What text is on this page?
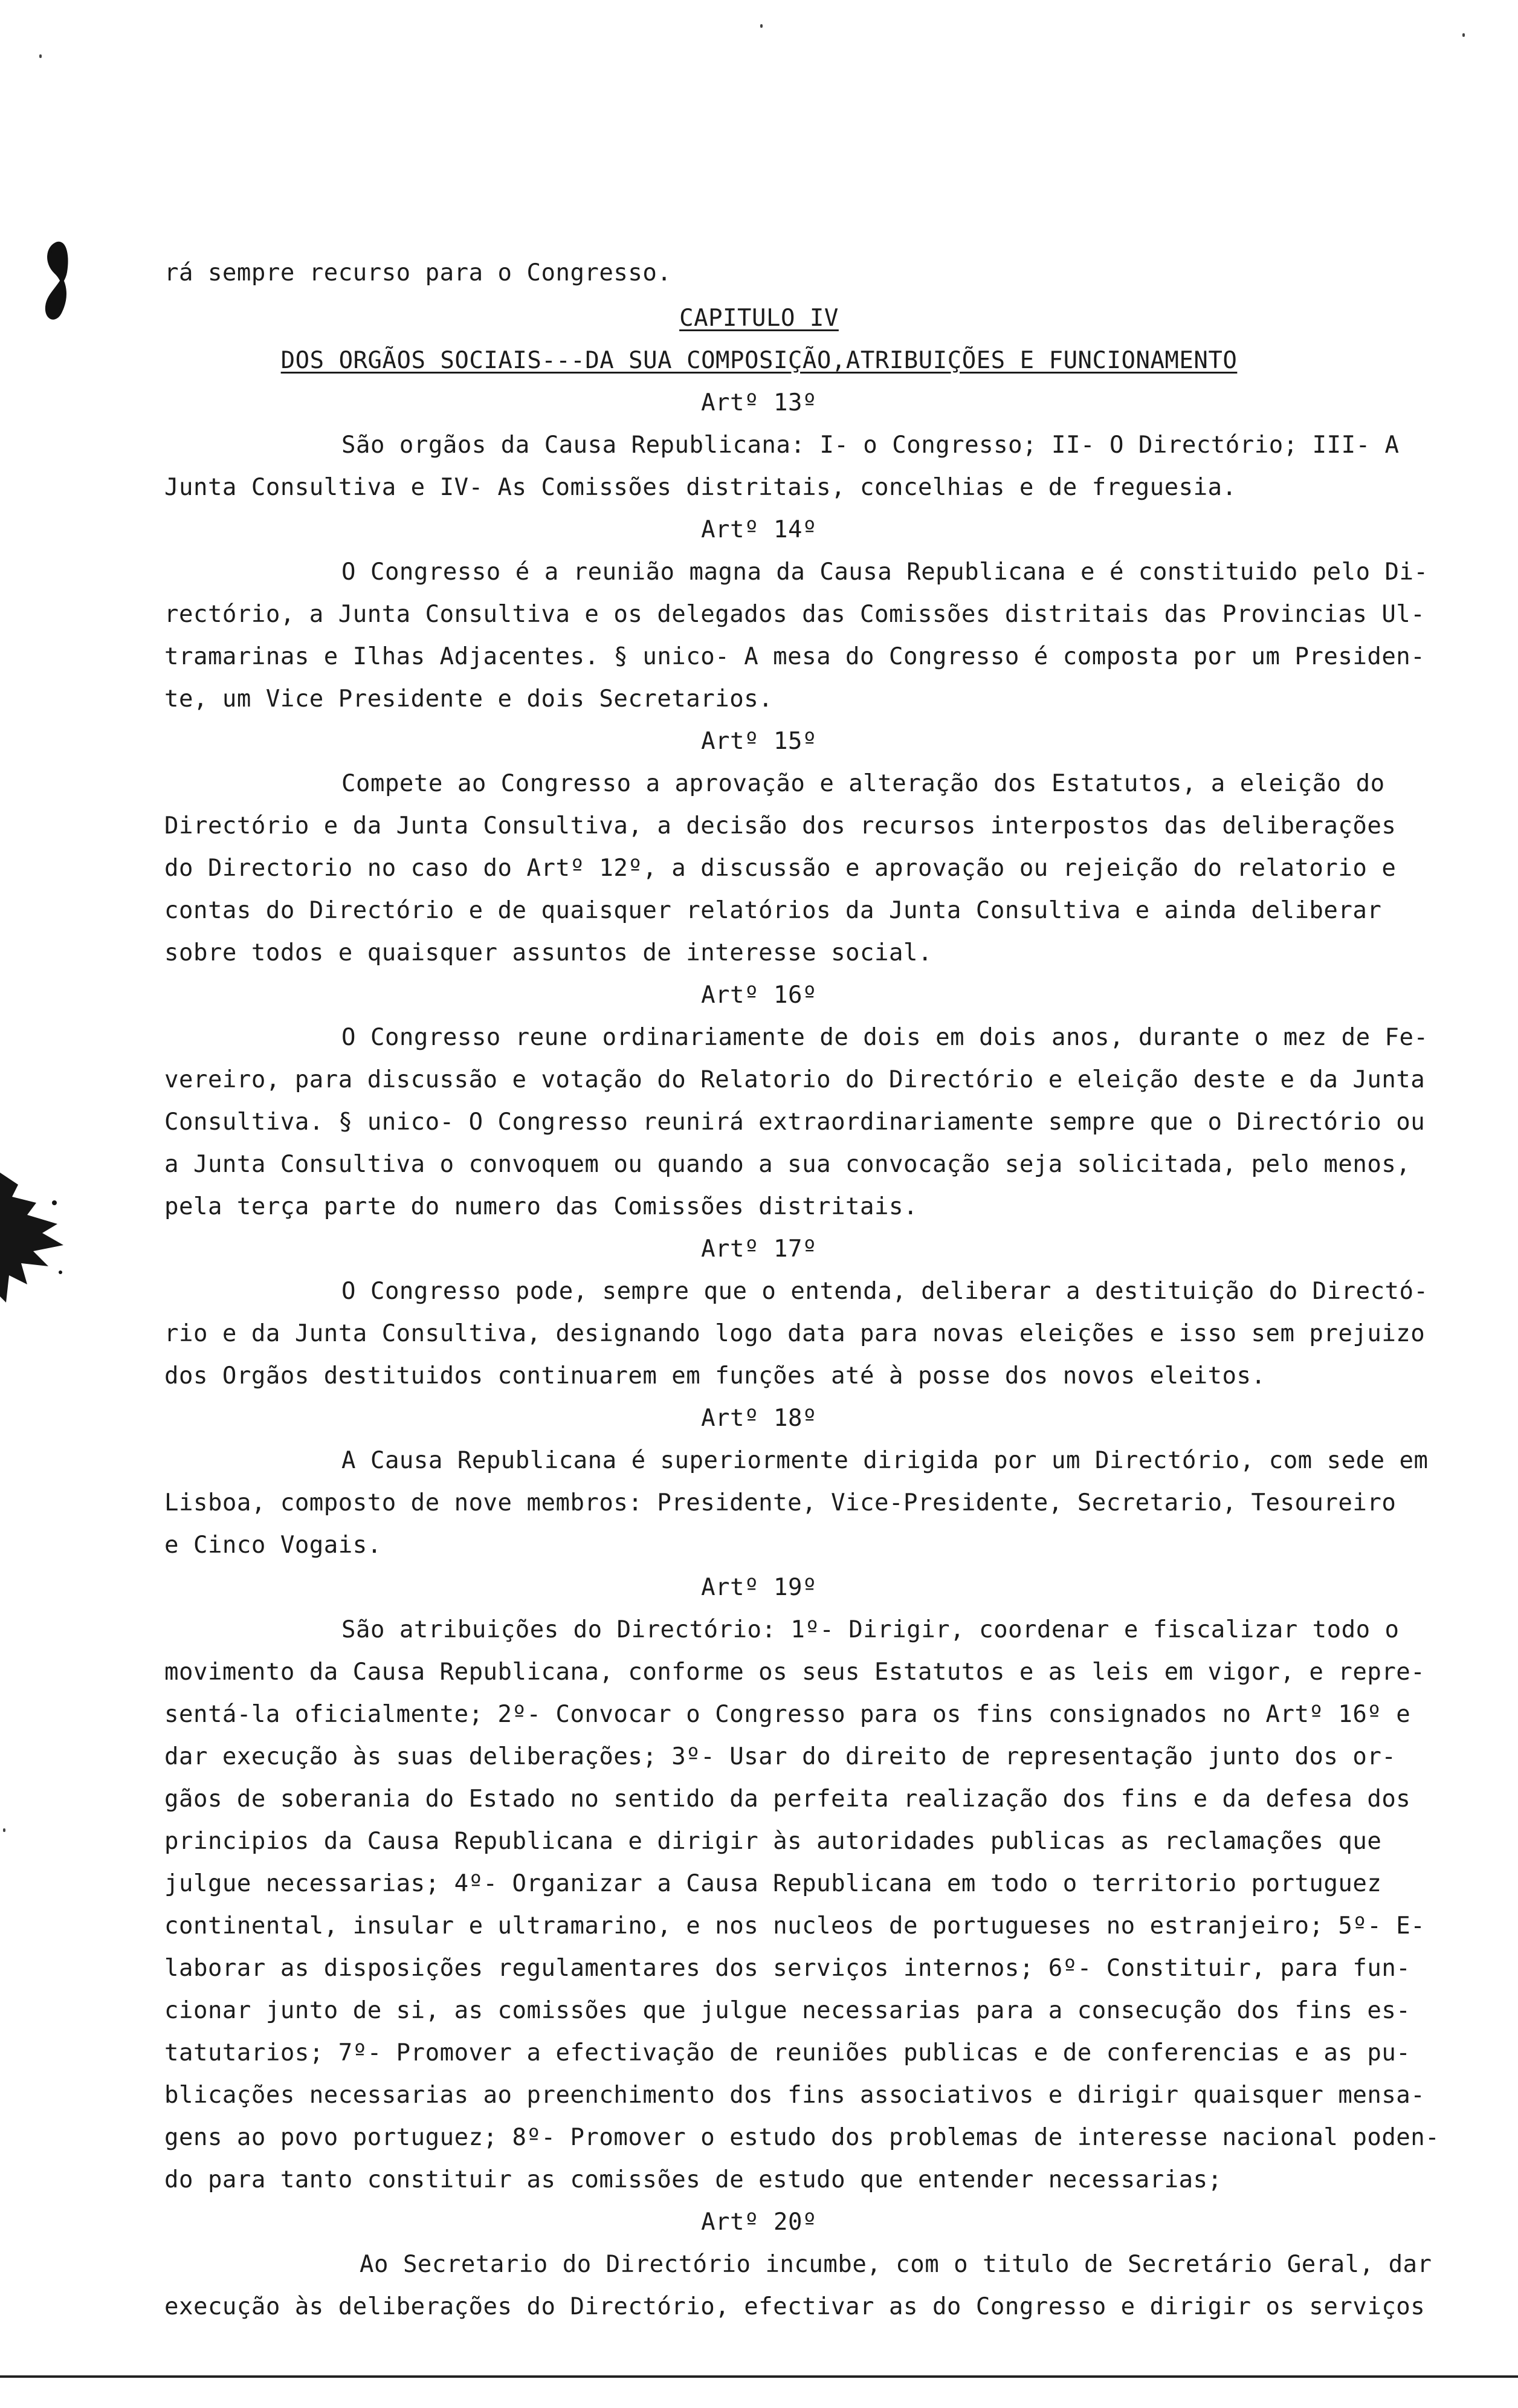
rá sempre recurso para o Congresso.
CAPITULO IV
DOS ORGÃOS SOCIAIS---DA SUA COMPOSIÇÃO,ATRIBUIÇÕES E FUNCIONAMENTO
Artº 13º
São orgãos da Causa Republicana: I- o Congresso; II- O Directório; III- A
Junta Consultiva e IV- As Comissões distritais, concelhias e de freguesia.
Artº 14º
O Congresso é a reunião magna da Causa Republicana e é constituido pelo Di-
rectório, a Junta Consultiva e os delegados das Comissões distritais das Provincias Ul-
tramarinas e Ilhas Adjacentes. § unico- A mesa do Congresso é composta por um Presiden-
te, um Vice Presidente e dois Secretarios.
Artº 15º
Compete ao Congresso a aprovação e alteração dos Estatutos, a eleição do
Directório e da Junta Consultiva, a decisão dos recursos interpostos das deliberações
do Directorio no caso do Artº 12º, a discussão e aprovação ou rejeição do relatorio e
contas do Directório e de quaisquer relatórios da Junta Consultiva e ainda deliberar
sobre todos e quaisquer assuntos de interesse social.
Artº 16º
O Congresso reune ordinariamente de dois em dois anos, durante o mez de Fe-
vereiro, para discussão e votação do Relatorio do Directório e eleição deste e da Junta
Consultiva. § unico- O Congresso reunirá extraordinariamente sempre que o Directório ou
a Junta Consultiva o convoquem ou quando a sua convocação seja solicitada, pelo menos,
pela terça parte do numero das Comissões distritais.
Artº 17º
O Congresso pode, sempre que o entenda, deliberar a destituição do Directó-
rio e da Junta Consultiva, designando logo data para novas eleições e isso sem prejuizo
dos Orgãos destituidos continuarem em funções até à posse dos novos eleitos.
Artº 18º
A Causa Republicana é superiormente dirigida por um Directório, com sede em
Lisboa, composto de nove membros: Presidente, Vice-Presidente, Secretario, Tesoureiro
e Cinco Vogais.
Artº 19º
São atribuições do Directório: 1º- Dirigir, coordenar e fiscalizar todo o
movimento da Causa Republicana, conforme os seus Estatutos e as leis em vigor, e repre-
sentá-la oficialmente; 2º- Convocar o Congresso para os fins consignados no Artº 16º e
dar execução às suas deliberações; 3º- Usar do direito de representação junto dos or-
gãos de soberania do Estado no sentido da perfeita realização dos fins e da defesa dos
principios da Causa Republicana e dirigir às autoridades publicas as reclamações que
julgue necessarias; 4º- Organizar a Causa Republicana em todo o territorio portuguez
continental, insular e ultramarino, e nos nucleos de portugueses no estranjeiro; 5º- E-
laborar as disposições regulamentares dos serviços internos; 6º- Constituir, para fun-
cionar junto de si, as comissões que julgue necessarias para a consecução dos fins es-
tatutarios; 7º- Promover a efectivação de reuniões publicas e de conferencias e as pu-
blicações necessarias ao preenchimento dos fins associativos e dirigir quaisquer mensa-
gens ao povo portuguez; 8º- Promover o estudo dos problemas de interesse nacional poden-
do para tanto constituir as comissões de estudo que entender necessarias;
Artº 20º
Ao Secretario do Directório incumbe, com o titulo de Secretário Geral, dar
execução às deliberações do Directório, efectivar as do Congresso e dirigir os serviços
